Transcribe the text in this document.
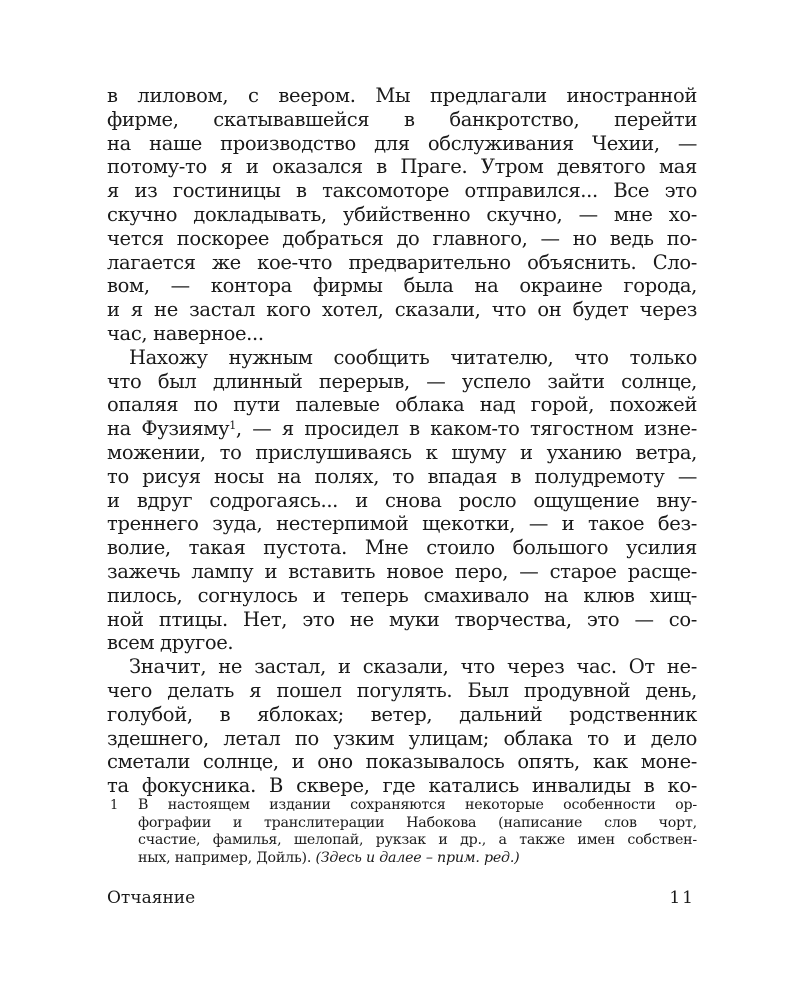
в лиловом, с веером. Мы предлагали иностранной
фирме, скатывавшейся в банкротство, перейти
на наше производство для обслуживания Чехии, —
потому-то я и оказался в Праге. Утром девятого мая
я из гостиницы в таксомоторе отправился... Все это
скучно докладывать, убийственно скучно, — мне хо-
чется поскорее добраться до главного, — но ведь по-
лагается же кое-что предварительно объяснить. Сло-
вом, — контора фирмы была на окраине города,
и я не застал кого хотел, сказали, что он будет через
час, наверное...
Нахожу нужным сообщить читателю, что только
что был длинный перерыв, — успело зайти солнце,
опаляя по пути палевые облака над горой, похожей
на Фузияму$^1$, — я просидел в каком-то тягостном изне-
можении, то прислушиваясь к шуму и уханию ветра,
то рисуя носы на полях, то впадая в полудремоту —
и вдруг содрогаясь... и снова росло ощущение вну-
треннего зуда, нестерпимой щекотки, — и такое без-
волие, такая пустота. Мне стоило большого усилия
зажечь лампу и вставить новое перо, — старое расще-
пилось, согнулось и теперь смахивало на клюв хищ-
ной птицы. Нет, это не муки творчества, это — со-
всем другое.
Значит, не застал, и сказали, что через час. От не-
чего делать я пошел погулять. Был продувной день,
голубой, в яблоках; ветер, дальний родственник
здешнего, летал по узким улицам; облака то и дело
сметали солнце, и оно показывалось опять, как моне-
та фокусника. В сквере, где катались инвалиды в ко-
1 В настоящем издании сохраняются некоторые особенности ор-
фографии и транслитерации Набокова (написание слов чорт,
счастие, фамилья, шелопай, рукзак и др., а также имен собствен-
ных, например, Дойль). (Здесь и далее – прим. ред.)
Отчаяние	11
